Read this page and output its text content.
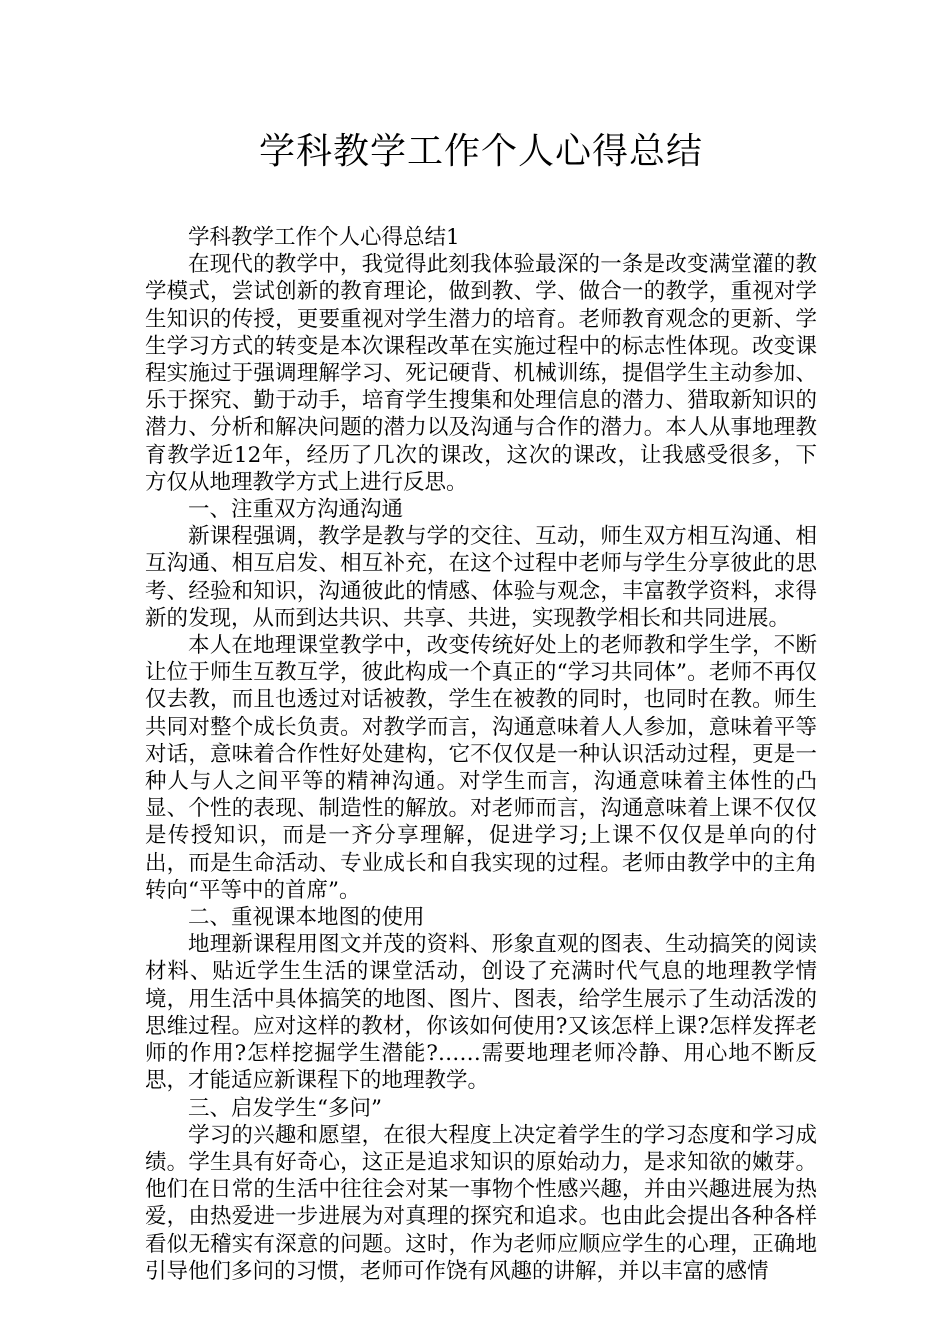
学科教学工作个人心得总结

学科教学工作个人心得总结1

在现代的教学中，我觉得此刻我体验最深的一条是改变满堂灌的教学模式，尝试创新的教育理论，做到教、学、做合一的教学，重视对学生知识的传授，更要重视对学生潜力的培育。老师教育观念的更新、学生学习方式的转变是本次课程改革在实施过程中的标志性体现。改变课程实施过于强调理解学习、死记硬背、机械训练，提倡学生主动参加、乐于探究、勤于动手，培育学生搜集和处理信息的潜力、猎取新知识的潜力、分析和解决问题的潜力以及沟通与合作的潜力。本人从事地理教育教学近12年，经历了几次的课改，这次的课改，让我感受很多，下方仅从地理教学方式上进行反思。

一、注重双方沟通沟通

新课程强调，教学是教与学的交往、互动，师生双方相互沟通、相互沟通、相互启发、相互补充，在这个过程中老师与学生分享彼此的思考、经验和知识，沟通彼此的情感、体验与观念，丰富教学资料，求得新的发现，从而到达共识、共享、共进，实现教学相长和共同进展。

本人在地理课堂教学中，改变传统好处上的老师教和学生学，不断让位于师生互教互学，彼此构成一个真正的“学习共同体”。老师不再仅仅去教，而且也透过对话被教，学生在被教的同时，也同时在教。师生共同对整个成长负责。对教学而言，沟通意味着人人参加，意味着平等对话，意味着合作性好处建构，它不仅仅是一种认识活动过程，更是一种人与人之间平等的精神沟通。对学生而言，沟通意味着主体性的凸显、个性的表现、制造性的解放。对老师而言，沟通意味着上课不仅仅是传授知识，而是一齐分享理解，促进学习;上课不仅仅是单向的付出，而是生命活动、专业成长和自我实现的过程。老师由教学中的主角转向“平等中的首席”。

二、重视课本地图的使用

地理新课程用图文并茂的资料、形象直观的图表、生动搞笑的阅读材料、贴近学生生活的课堂活动，创设了充满时代气息的地理教学情境，用生活中具体搞笑的地图、图片、图表，给学生展示了生动活泼的思维过程。应对这样的教材，你该如何使用?又该怎样上课?怎样发挥老师的作用?怎样挖掘学生潜能?……需要地理老师冷静、用心地不断反思，才能适应新课程下的地理教学。

三、启发学生“多问”

学习的兴趣和愿望，在很大程度上决定着学生的学习态度和学习成绩。学生具有好奇心，这正是追求知识的原始动力，是求知欲的嫩芽。他们在日常的生活中往往会对某一事物个性感兴趣，并由兴趣进展为热爱，由热爱进一步进展为对真理的探究和追求。也由此会提出各种各样看似无稽实有深意的问题。这时，作为老师应顺应学生的心理，正确地引导他们多问的习惯，老师可作饶有风趣的讲解，并以丰富的感情
